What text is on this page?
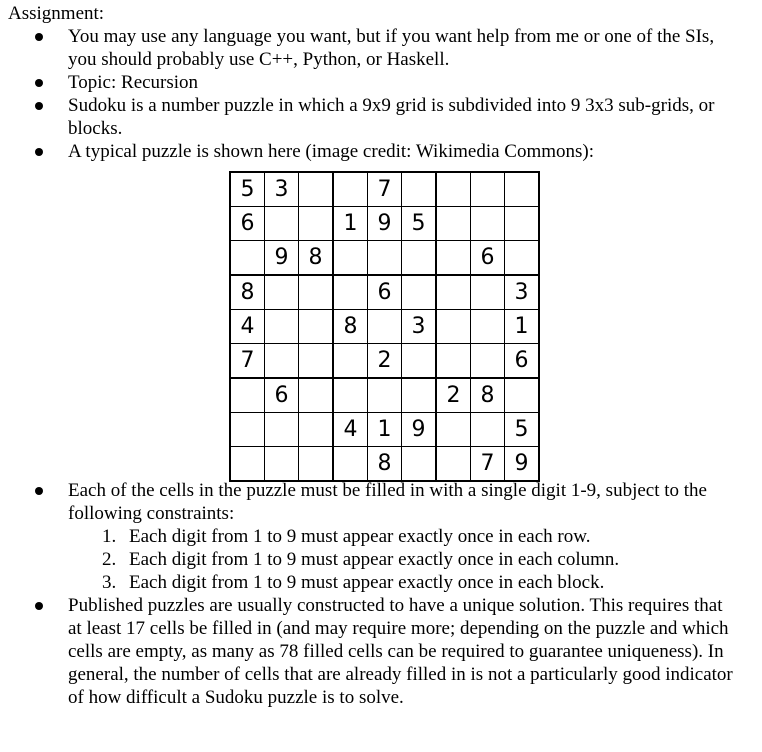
Assignment:
You may use any language you want, but if you want help from me or one of the SIs, you should probably use C++, Python, or Haskell.
Topic: Recursion
Sudoku is a number puzzle in which a 9x9 grid is subdivided into 9 3x3 sub-grids, or blocks.
A typical puzzle is shown here (image credit: Wikimedia Commons):
5	3			7				
6			1	9	5			
	9	8					6	
8				6				3
4			8		3			1
7				2				6
	6					2	8	
			4	1	9			5
				8			7	9
Each of the cells in the puzzle must be filled in with a single digit 1-9, subject to the following constraints:
1. Each digit from 1 to 9 must appear exactly once in each row.
2. Each digit from 1 to 9 must appear exactly once in each column.
3. Each digit from 1 to 9 must appear exactly once in each block.
Published puzzles are usually constructed to have a unique solution. This requires that at least 17 cells be filled in (and may require more; depending on the puzzle and which cells are empty, as many as 78 filled cells can be required to guarantee uniqueness). In general, the number of cells that are already filled in is not a particularly good indicator of how difficult a Sudoku puzzle is to solve.
